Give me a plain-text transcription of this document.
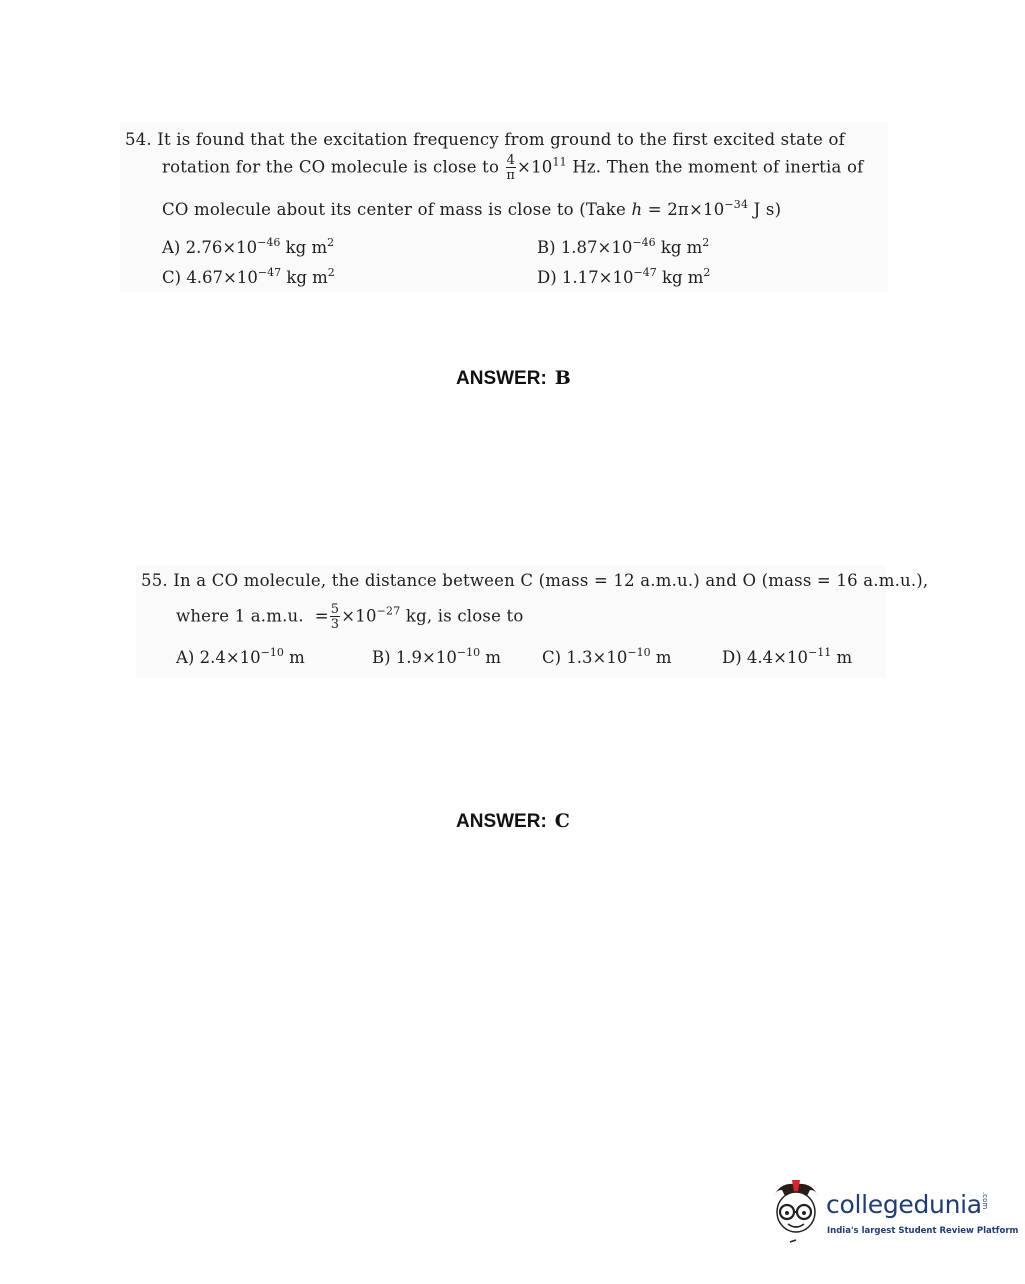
54. It is found that the excitation frequency from ground to the first excited state of
rotation for the CO molecule is close to $\frac{4}{\pi} \times 10^{11}$ Hz. Then the moment of inertia of
CO molecule about its center of mass is close to (Take $h = 2\pi\times 10^{-34}$ J s)
A) $2.76\times 10^{-46}$ kg $m^2$	B) $1.87\times 10^{-46}$ kg $m^2$
C) $4.67\times 10^{-47}$ kg $m^2$	D) $1.17\times 10^{-47}$ kg $m^2$
ANSWER: B
55. In a CO molecule, the distance between C (mass = 12 a.m.u.) and O (mass = 16 a.m.u.),
where 1 a.m.u. = $\frac{5}{3} \times 10^{-27}$ kg, is close to
A) $2.4\times 10^{-10}$ m	B) $1.9\times 10^{-10}$ m C) $1.3\times 10^{-10}$ m	D) $4.4\times 10^{-11}$ m
ANSWER: C
collegedunia .com
India's largest Student Review Platform
